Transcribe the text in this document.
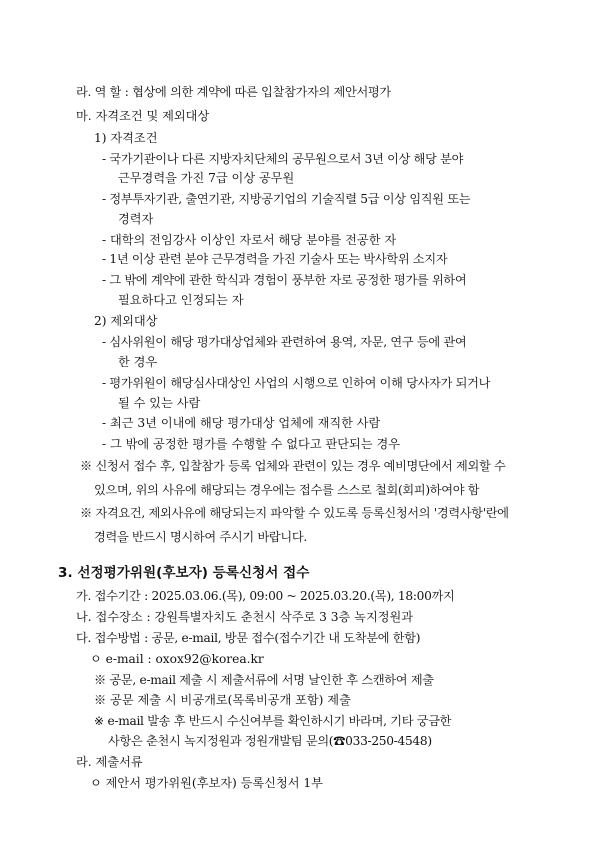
라. 역 할 : 협상에 의한 계약에 따른 입찰참가자의 제안서평가
마. 자격조건 및 제외대상
1) 자격조건
- 국가기관이나 다른 지방자치단체의 공무원으로서 3년 이상 해당 분야
근무경력을 가진 7급 이상 공무원
- 정부투자기관, 출연기관, 지방공기업의 기술직렬 5급 이상 임직원 또는
경력자
- 대학의 전임강사 이상인 자로서 해당 분야를 전공한 자
- 1년 이상 관련 분야 근무경력을 가진 기술사 또는 박사학위 소지자
- 그 밖에 계약에 관한 학식과 경험이 풍부한 자로 공정한 평가를 위하여
필요하다고 인정되는 자
2) 제외대상
- 심사위원이 해당 평가대상업체와 관련하여 용역, 자문, 연구 등에 관여
한 경우
- 평가위원이 해당심사대상인 사업의 시행으로 인하여 이해 당사자가 되거나
될 수 있는 사람
- 최근 3년 이내에 해당 평가대상 업체에 재직한 사람
- 그 밖에 공정한 평가를 수행할 수 없다고 판단되는 경우
※ 신청서 접수 후, 입찰참가 등록 업체와 관련이 있는 경우 예비명단에서 제외할 수
있으며, 위의 사유에 해당되는 경우에는 접수를 스스로 철회(회피)하여야 함
※ 자격요건, 제외사유에 해당되는지 파악할 수 있도록 등록신청서의 '경력사항'란에
경력을 반드시 명시하여 주시기 바랍니다.
3. 선정평가위원(후보자) 등록신청서 접수
가. 접수기간 : 2025.03.06.(목), 09:00 ~ 2025.03.20.(목), 18:00까지
나. 접수장소 : 강원특별자치도 춘천시 삭주로 3 3층 녹지정원과
다. 접수방법 : 공문, e-mail, 방문 접수(접수기간 내 도착분에 한함)
ㅇ e-mail : oxox92@korea.kr
※ 공문, e-mail 제출 시 제출서류에 서명 날인한 후 스캔하여 제출
※ 공문 제출 시 비공개로(목록비공개 포함) 제출
※ e-mail 발송 후 반드시 수신여부를 확인하시기 바라며, 기타 궁금한
사항은 춘천시 녹지정원과 정원개발팀 문의(☎033-250-4548)
라. 제출서류
ㅇ 제안서 평가위원(후보자) 등록신청서 1부
